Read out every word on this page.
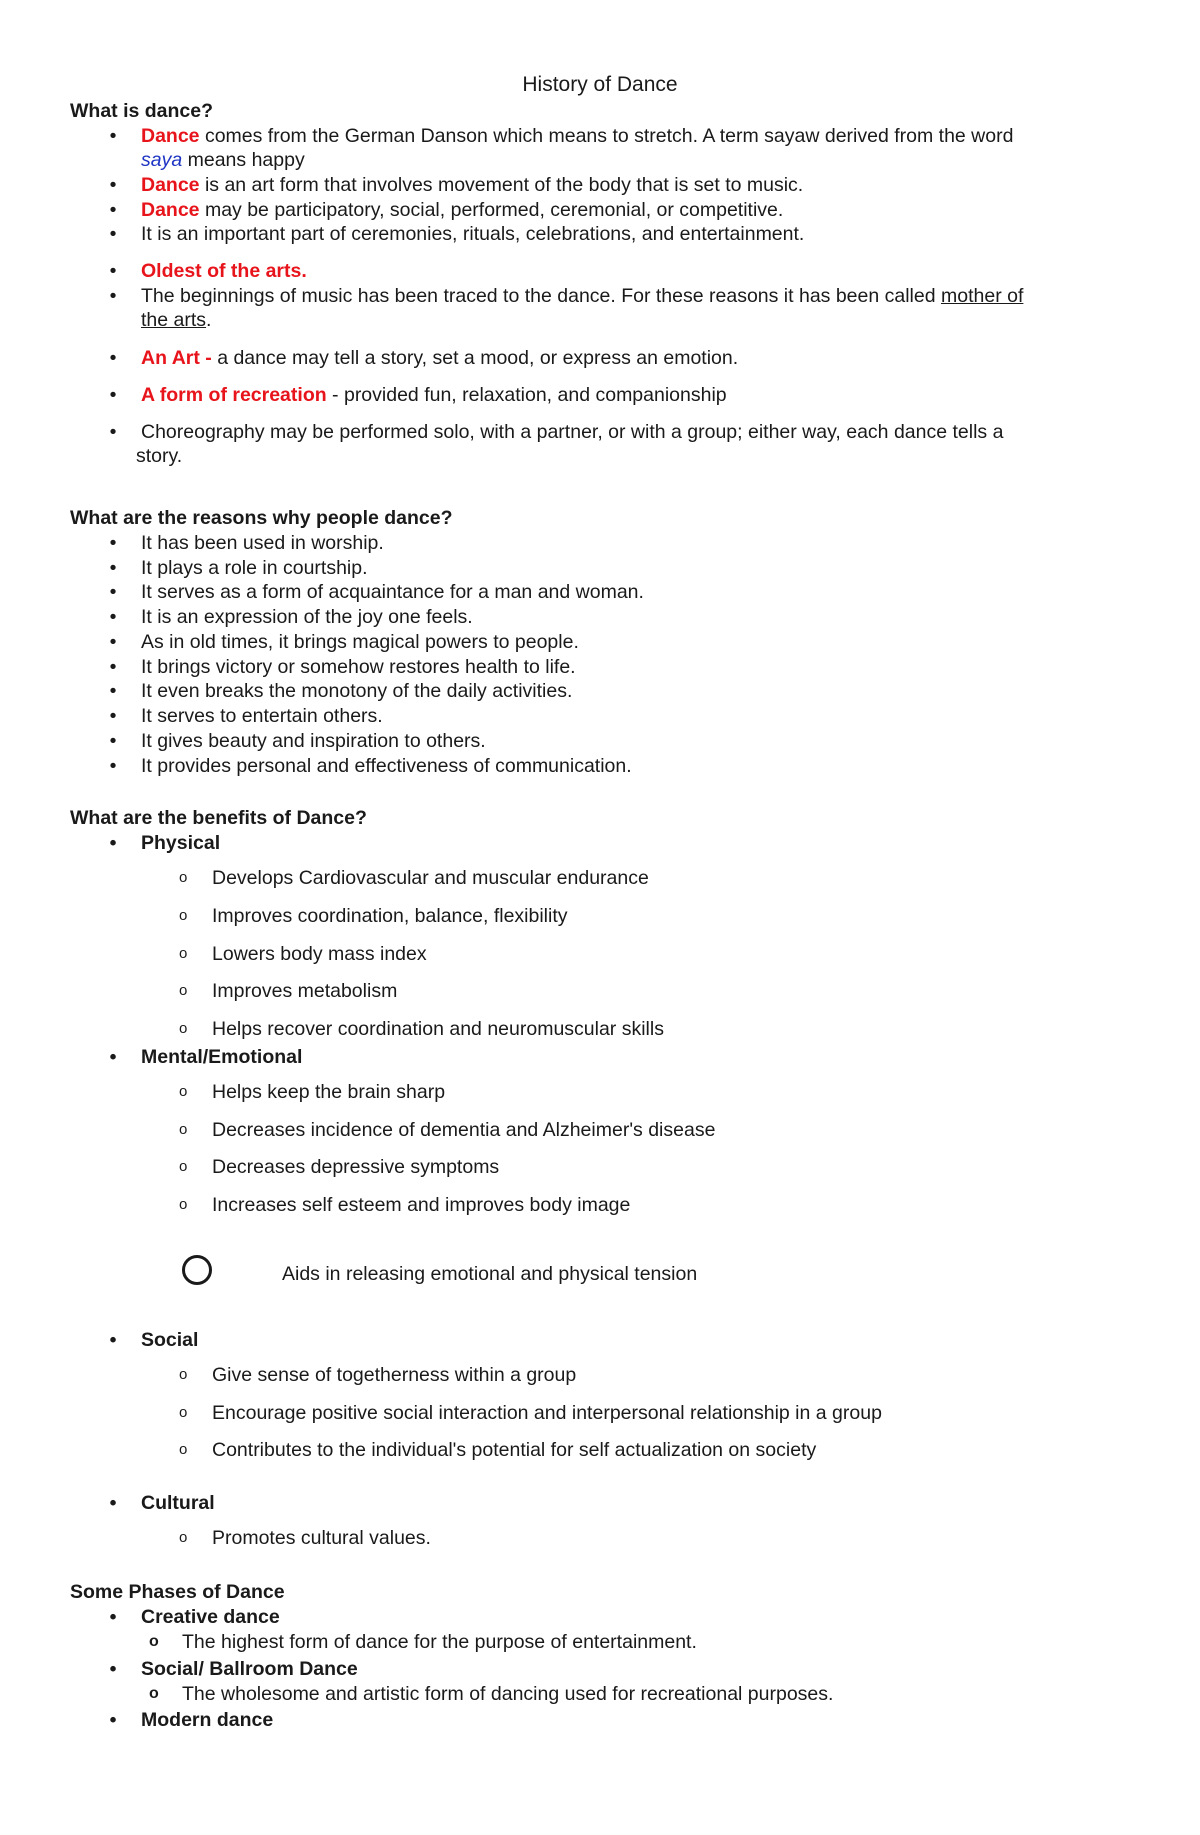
History of Dance
What is dance?
•	Dance comes from the German Danson which means to stretch. A term sayaw derived from the word
saya means happy
•	Dance is an art form that involves movement of the body that is set to music.
•	Dance may be participatory, social, performed, ceremonial, or competitive.
•	It is an important part of ceremonies, rituals, celebrations, and entertainment.
•	Oldest of the arts.
•	The beginnings of music has been traced to the dance. For these reasons it has been called mother of
the arts.
•	An Art - a dance may tell a story, set a mood, or express an emotion.
•	A form of recreation - provided fun, relaxation, and companionship
•	Choreography may be performed solo, with a partner, or with a group; either way, each dance tells a
story.
What are the reasons why people dance?
•	It has been used in worship.
•	It plays a role in courtship.
•	It serves as a form of acquaintance for a man and woman.
•	It is an expression of the joy one feels.
•	As in old times, it brings magical powers to people.
•	It brings victory or somehow restores health to life.
•	It even breaks the monotony of the daily activities.
•	It serves to entertain others.
•	It gives beauty and inspiration to others.
•	It provides personal and effectiveness of communication.
What are the benefits of Dance?
•	Physical
o Develops Cardiovascular and muscular endurance
o Improves coordination, balance, flexibility
o Lowers body mass index
o Improves metabolism
o Helps recover coordination and neuromuscular skills
•	Mental/Emotional
o Helps keep the brain sharp
o Decreases incidence of dementia and Alzheimer's disease
o Decreases depressive symptoms
o Increases self esteem and improves body image
Aids in releasing emotional and physical tension
•	Social
o Give sense of togetherness within a group
o Encourage positive social interaction and interpersonal relationship in a group
o Contributes to the individual's potential for self actualization on society
•	Cultural
o Promotes cultural values.
Some Phases of Dance
•	Creative dance
o The highest form of dance for the purpose of entertainment.
•	Social/ Ballroom Dance
o The wholesome and artistic form of dancing used for recreational purposes.
•	Modern dance
